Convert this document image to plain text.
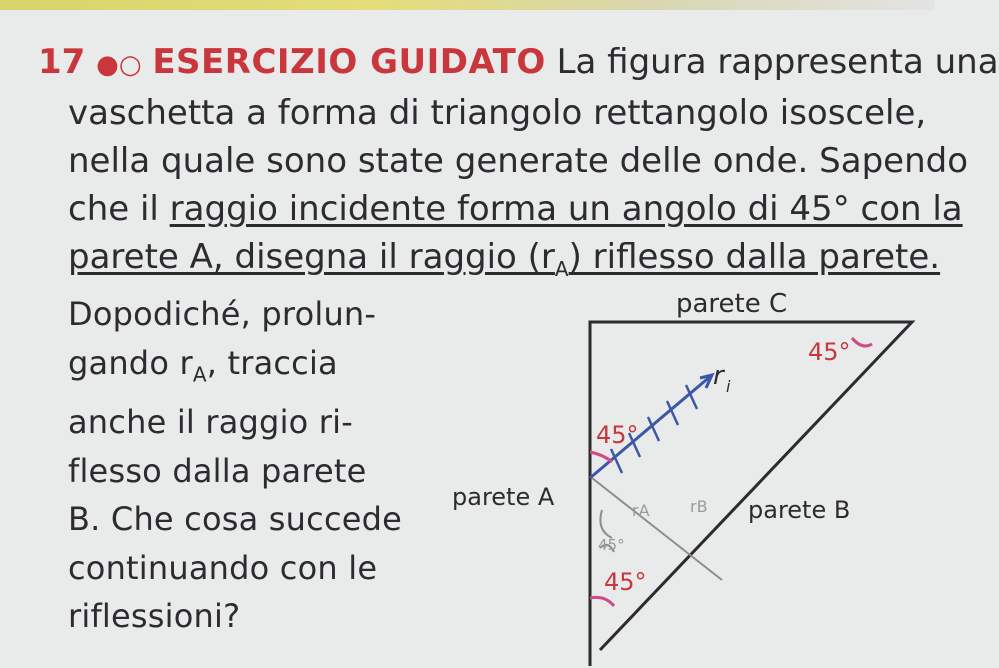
17 ●○ ESERCIZIO GUIDATO La figura rappresenta una
vaschetta a forma di triangolo rettangolo isoscele,
nella quale sono state generate delle onde. Sapendo
che il raggio incidente forma un angolo di 45° con la
parete A, disegna il raggio $(r_A)$ riflesso dalla parete.
Dopodiché, prolun-
gando $r_A$, traccia
anche il raggio ri-
flesso dalla parete
B. Che cosa succede
continuando con le
riflessioni?
parete C
45°
45°
45°
r i
parete A	parete B
rA	rB
45°
